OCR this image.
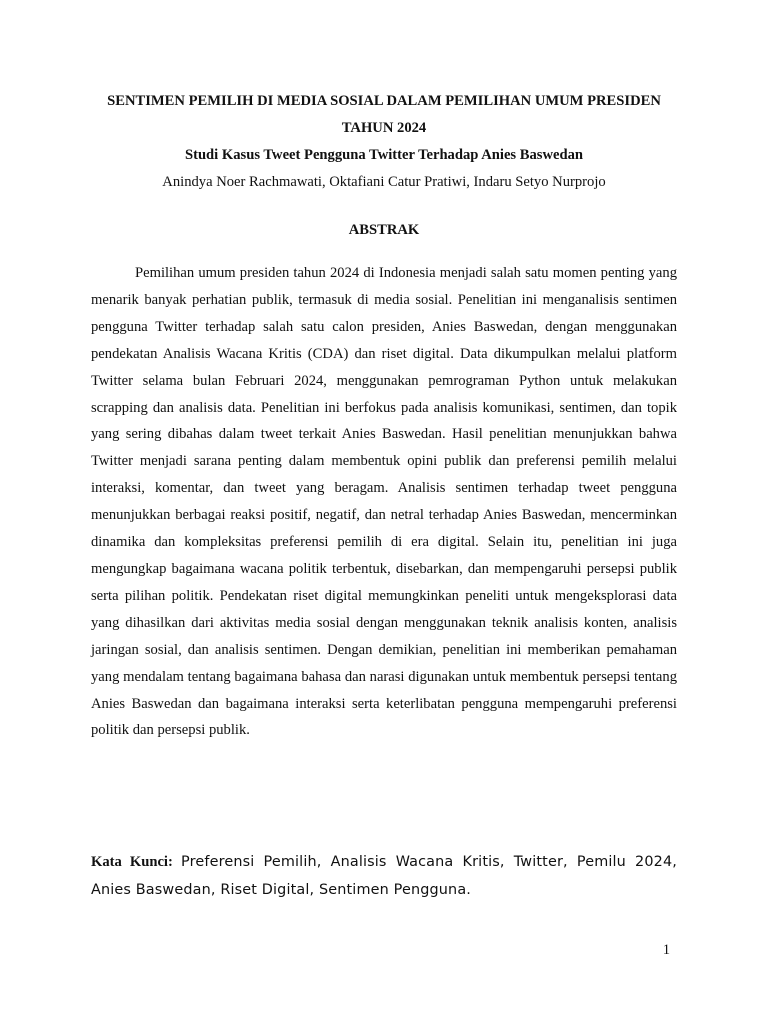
SENTIMEN PEMILIH DI MEDIA SOSIAL DALAM PEMILIHAN UMUM PRESIDEN

TAHUN 2024

Studi Kasus Tweet Pengguna Twitter Terhadap Anies Baswedan

Anindya Noer Rachmawati, Oktafiani Catur Pratiwi, Indaru Setyo Nurprojo

ABSTRAK

Pemilihan umum presiden tahun 2024 di Indonesia menjadi salah satu momen penting yang menarik banyak perhatian publik, termasuk di media sosial. Penelitian ini menganalisis sentimen pengguna Twitter terhadap salah satu calon presiden, Anies Baswedan, dengan menggunakan pendekatan Analisis Wacana Kritis (CDA) dan riset digital. Data dikumpulkan melalui platform Twitter selama bulan Februari 2024, menggunakan pemrograman Python untuk melakukan scrapping dan analisis data. Penelitian ini berfokus pada analisis komunikasi, sentimen, dan topik yang sering dibahas dalam tweet terkait Anies Baswedan. Hasil penelitian menunjukkan bahwa Twitter menjadi sarana penting dalam membentuk opini publik dan preferensi pemilih melalui interaksi, komentar, dan tweet yang beragam. Analisis sentimen terhadap tweet pengguna menunjukkan berbagai reaksi positif, negatif, dan netral terhadap Anies Baswedan, mencerminkan dinamika dan kompleksitas preferensi pemilih di era digital. Selain itu, penelitian ini juga mengungkap bagaimana wacana politik terbentuk, disebarkan, dan mempengaruhi persepsi publik serta pilihan politik. Pendekatan riset digital memungkinkan peneliti untuk mengeksplorasi data yang dihasilkan dari aktivitas media sosial dengan menggunakan teknik analisis konten, analisis jaringan sosial, dan analisis sentimen. Dengan demikian, penelitian ini memberikan pemahaman yang mendalam tentang bagaimana bahasa dan narasi digunakan untuk membentuk persepsi tentang Anies Baswedan dan bagaimana interaksi serta keterlibatan pengguna mempengaruhi preferensi politik dan persepsi publik.

Kata Kunci: Preferensi Pemilih, Analisis Wacana Kritis, Twitter, Pemilu 2024, Anies Baswedan, Riset Digital, Sentimen Pengguna.

1
